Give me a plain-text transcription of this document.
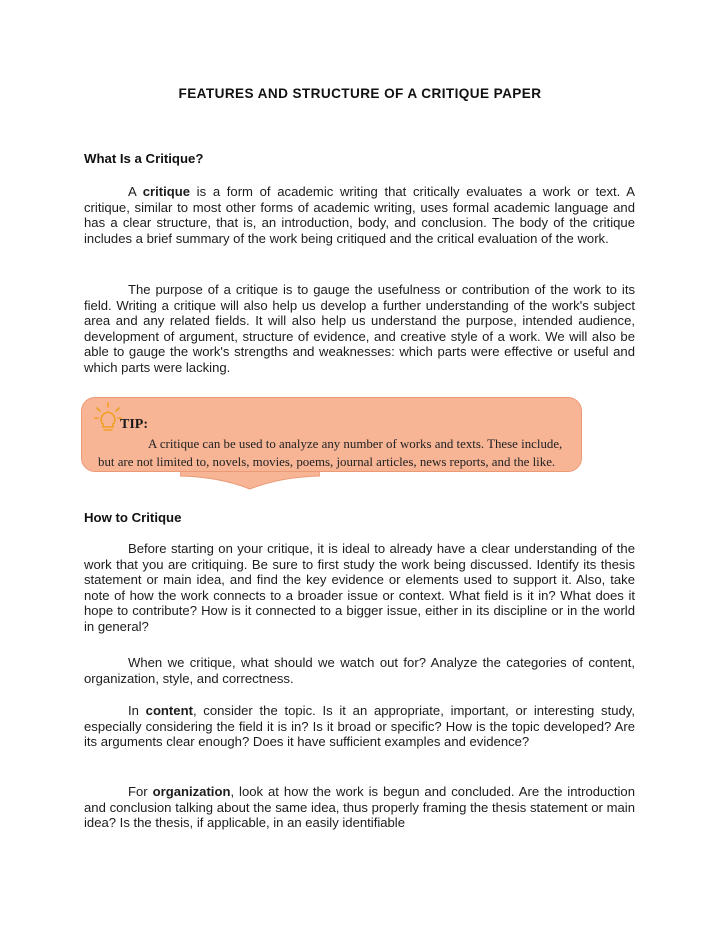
FEATURES AND STRUCTURE OF A CRITIQUE PAPER
What Is a Critique?

A critique is a form of academic writing that critically evaluates a work or text. A critique, similar to most other forms of academic writing, uses formal academic language and has a clear structure, that is, an introduction, body, and conclusion. The body of the critique includes a brief summary of the work being critiqued and the critical evaluation of the work.

The purpose of a critique is to gauge the usefulness or contribution of the work to its field. Writing a critique will also help us develop a further understanding of the work's subject area and any related fields. It will also help us understand the purpose, intended audience, development of argument, structure of evidence, and creative style of a work. We will also be able to gauge the work's strengths and weaknesses: which parts were effective or useful and which parts were lacking.

TIP:

A critique can be used to analyze any number of works and texts. These include, but are not limited to, novels, movies, poems, journal articles, news reports, and the like.

How to Critique

Before starting on your critique, it is ideal to already have a clear understanding of the work that you are critiquing. Be sure to first study the work being discussed. Identify its thesis statement or main idea, and find the key evidence or elements used to support it. Also, take note of how the work connects to a broader issue or context. What field is it in? What does it hope to contribute? How is it connected to a bigger issue, either in its discipline or in the world in general?

When we critique, what should we watch out for? Analyze the categories of content, organization, style, and correctness.

In content, consider the topic. Is it an appropriate, important, or interesting study, especially considering the field it is in? Is it broad or specific? How is the topic developed? Are its arguments clear enough? Does it have sufficient examples and evidence?

For organization, look at how the work is begun and concluded. Are the introduction and conclusion talking about the same idea, thus properly framing the thesis statement or main idea? Is the thesis, if applicable, in an easily identifiable
